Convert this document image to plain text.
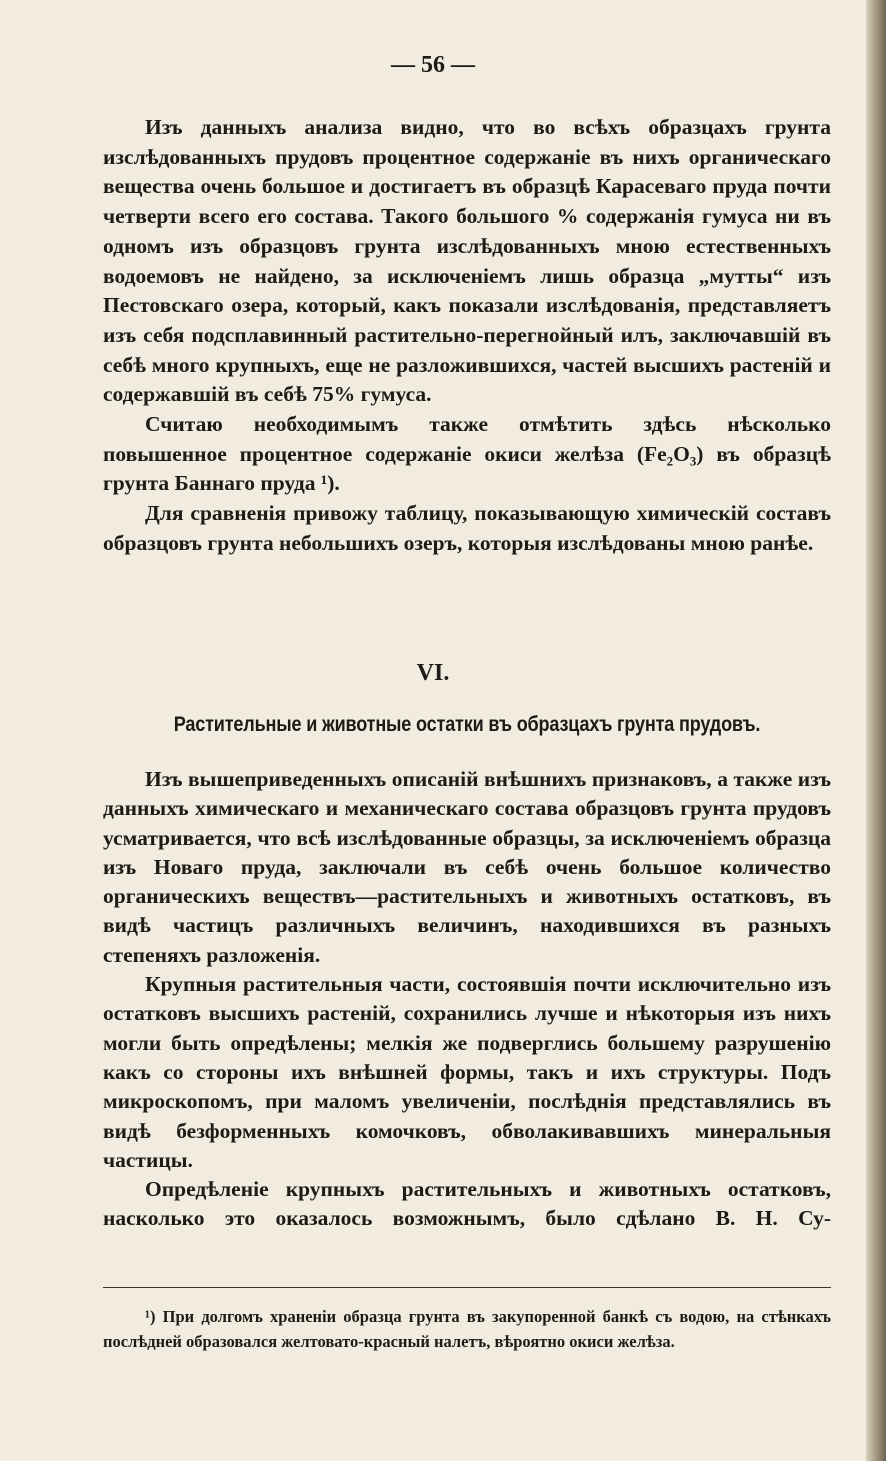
— 56 —

Изъ данныхъ анализа видно, что во всѣхъ образцахъ грунта изслѣдованныхъ прудовъ процентное содержаніе въ нихъ органическаго вещества очень большое и достигаетъ въ образцѣ Карасеваго пруда почти четверти всего его состава. Такого большого % содержанія гумуса ни въ одномъ изъ образцовъ грунта изслѣдованныхъ мною естественныхъ водоемовъ не найдено, за исключеніемъ лишь образца „мутты“ изъ Пестовскаго озера, который, какъ показали изслѣдованія, представляетъ изъ себя подсплавинный растительно-перегнойный илъ, заключавшій въ себѣ много крупныхъ, еще не разложившихся, частей высшихъ растеній и содержавшій въ себѣ 75% гумуса.

Считаю необходимымъ также отмѣтить здѣсь нѣсколько повышенное процентное содержаніе окиси желѣза (Fe₂O₃) въ образцѣ грунта Баннаго пруда ¹).

Для сравненія привожу таблицу, показывающую химическій составъ образцовъ грунта небольшихъ озеръ, которыя изслѣдованы мною ранѣе.

VI.
Растительные и животные остатки въ образцахъ грунта прудовъ.

Изъ вышеприведенныхъ описаній внѣшнихъ признаковъ, а также изъ данныхъ химическаго и механическаго состава образцовъ грунта прудовъ усматривается, что всѣ изслѣдованные образцы, за исключеніемъ образца изъ Новаго пруда, заключали въ себѣ очень большое количество органическихъ веществъ—растительныхъ и животныхъ остатковъ, въ видѣ частицъ различныхъ величинъ, находившихся въ разныхъ степеняхъ разложенія.

Крупныя растительныя части, состоявшія почти исключительно изъ остатковъ высшихъ растеній, сохранились лучше и нѣкоторыя изъ нихъ могли быть опредѣлены; мелкія же подверглись большему разрушенію какъ со стороны ихъ внѣшней формы, такъ и ихъ структуры. Подъ микроскопомъ, при маломъ увеличеніи, послѣднія представлялись въ видѣ безформенныхъ комочковъ, обволакивавшихъ минеральныя частицы.

Опредѣленіе крупныхъ растительныхъ и животныхъ остатковъ, насколько это оказалось возможнымъ, было сдѣлано В. Н. Су-

¹) При долгомъ храненіи образца грунта въ закупоренной банкѣ съ водою, на стѣнкахъ послѣдней образовался желтовато-красный налетъ, вѣроятно окиси желѣза.
